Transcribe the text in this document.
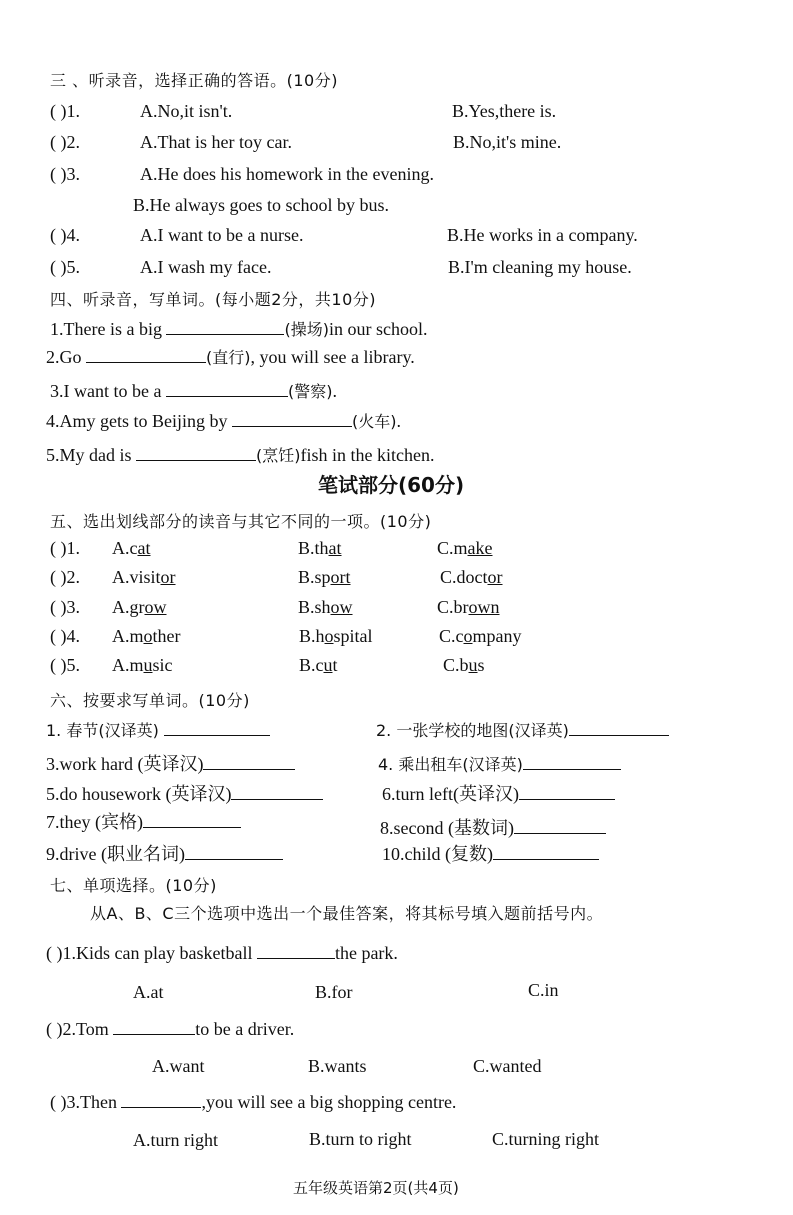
三 、听录音，选择正确的答语。(10分)
( )1.	A.No,it isn't.	B.Yes,there is.
( )2.	A.That is her toy car.	B.No,it's mine.
( )3.	A.He does his homework in the evening.
B.He always goes to school by bus.
( )4.	A.I want to be a nurse.	B.He works in a company.
( )5.	A.I wash my face.	B.I'm cleaning my house.
四、听录音，写单词。(每小题2分，共10分)
1.There is a big	(操场)in our school.
2.Go	(直行), you will see a library.
3.I want to be a	(警察).
4.Amy gets to Beijing by	(火车).
5.My dad is	(烹饪)fish in the kitchen.
笔试部分(60分)
五、选出划线部分的读音与其它不同的一项。(10分)
( )1. A.cat	B.that	C.make
( )2. A.visitor	B.sport	C.doctor
( )3. A.grow	B.show	C.brown
( )4. A.mother	B.hospital	C.company
( )5. A.music	B.cut	C.bus
六、按要求写单词。(10分)
1. 春节(汉译英)	2. 一张学校的地图(汉译英)
3.work hard (英译汉)	4. 乘出租车(汉译英)
5.do housework (英译汉)	6.turn left(英译汉)
7.they (宾格)	8.second (基数词)
9.drive (职业名词)	10.child (复数)
七、单项选择。(10分)
从A、B、C三个选项中选出一个最佳答案，将其标号填入题前括号内。
( )1.Kids can play basketball	the park.
A.at	B.for	C.in
( )2.Tom	to be a driver.
A.want	B.wants	C.wanted
( )3.Then	,you will see a big shopping centre.
A.turn right	B.turn to right	C.turning right
五年级英语第2页(共4页)
